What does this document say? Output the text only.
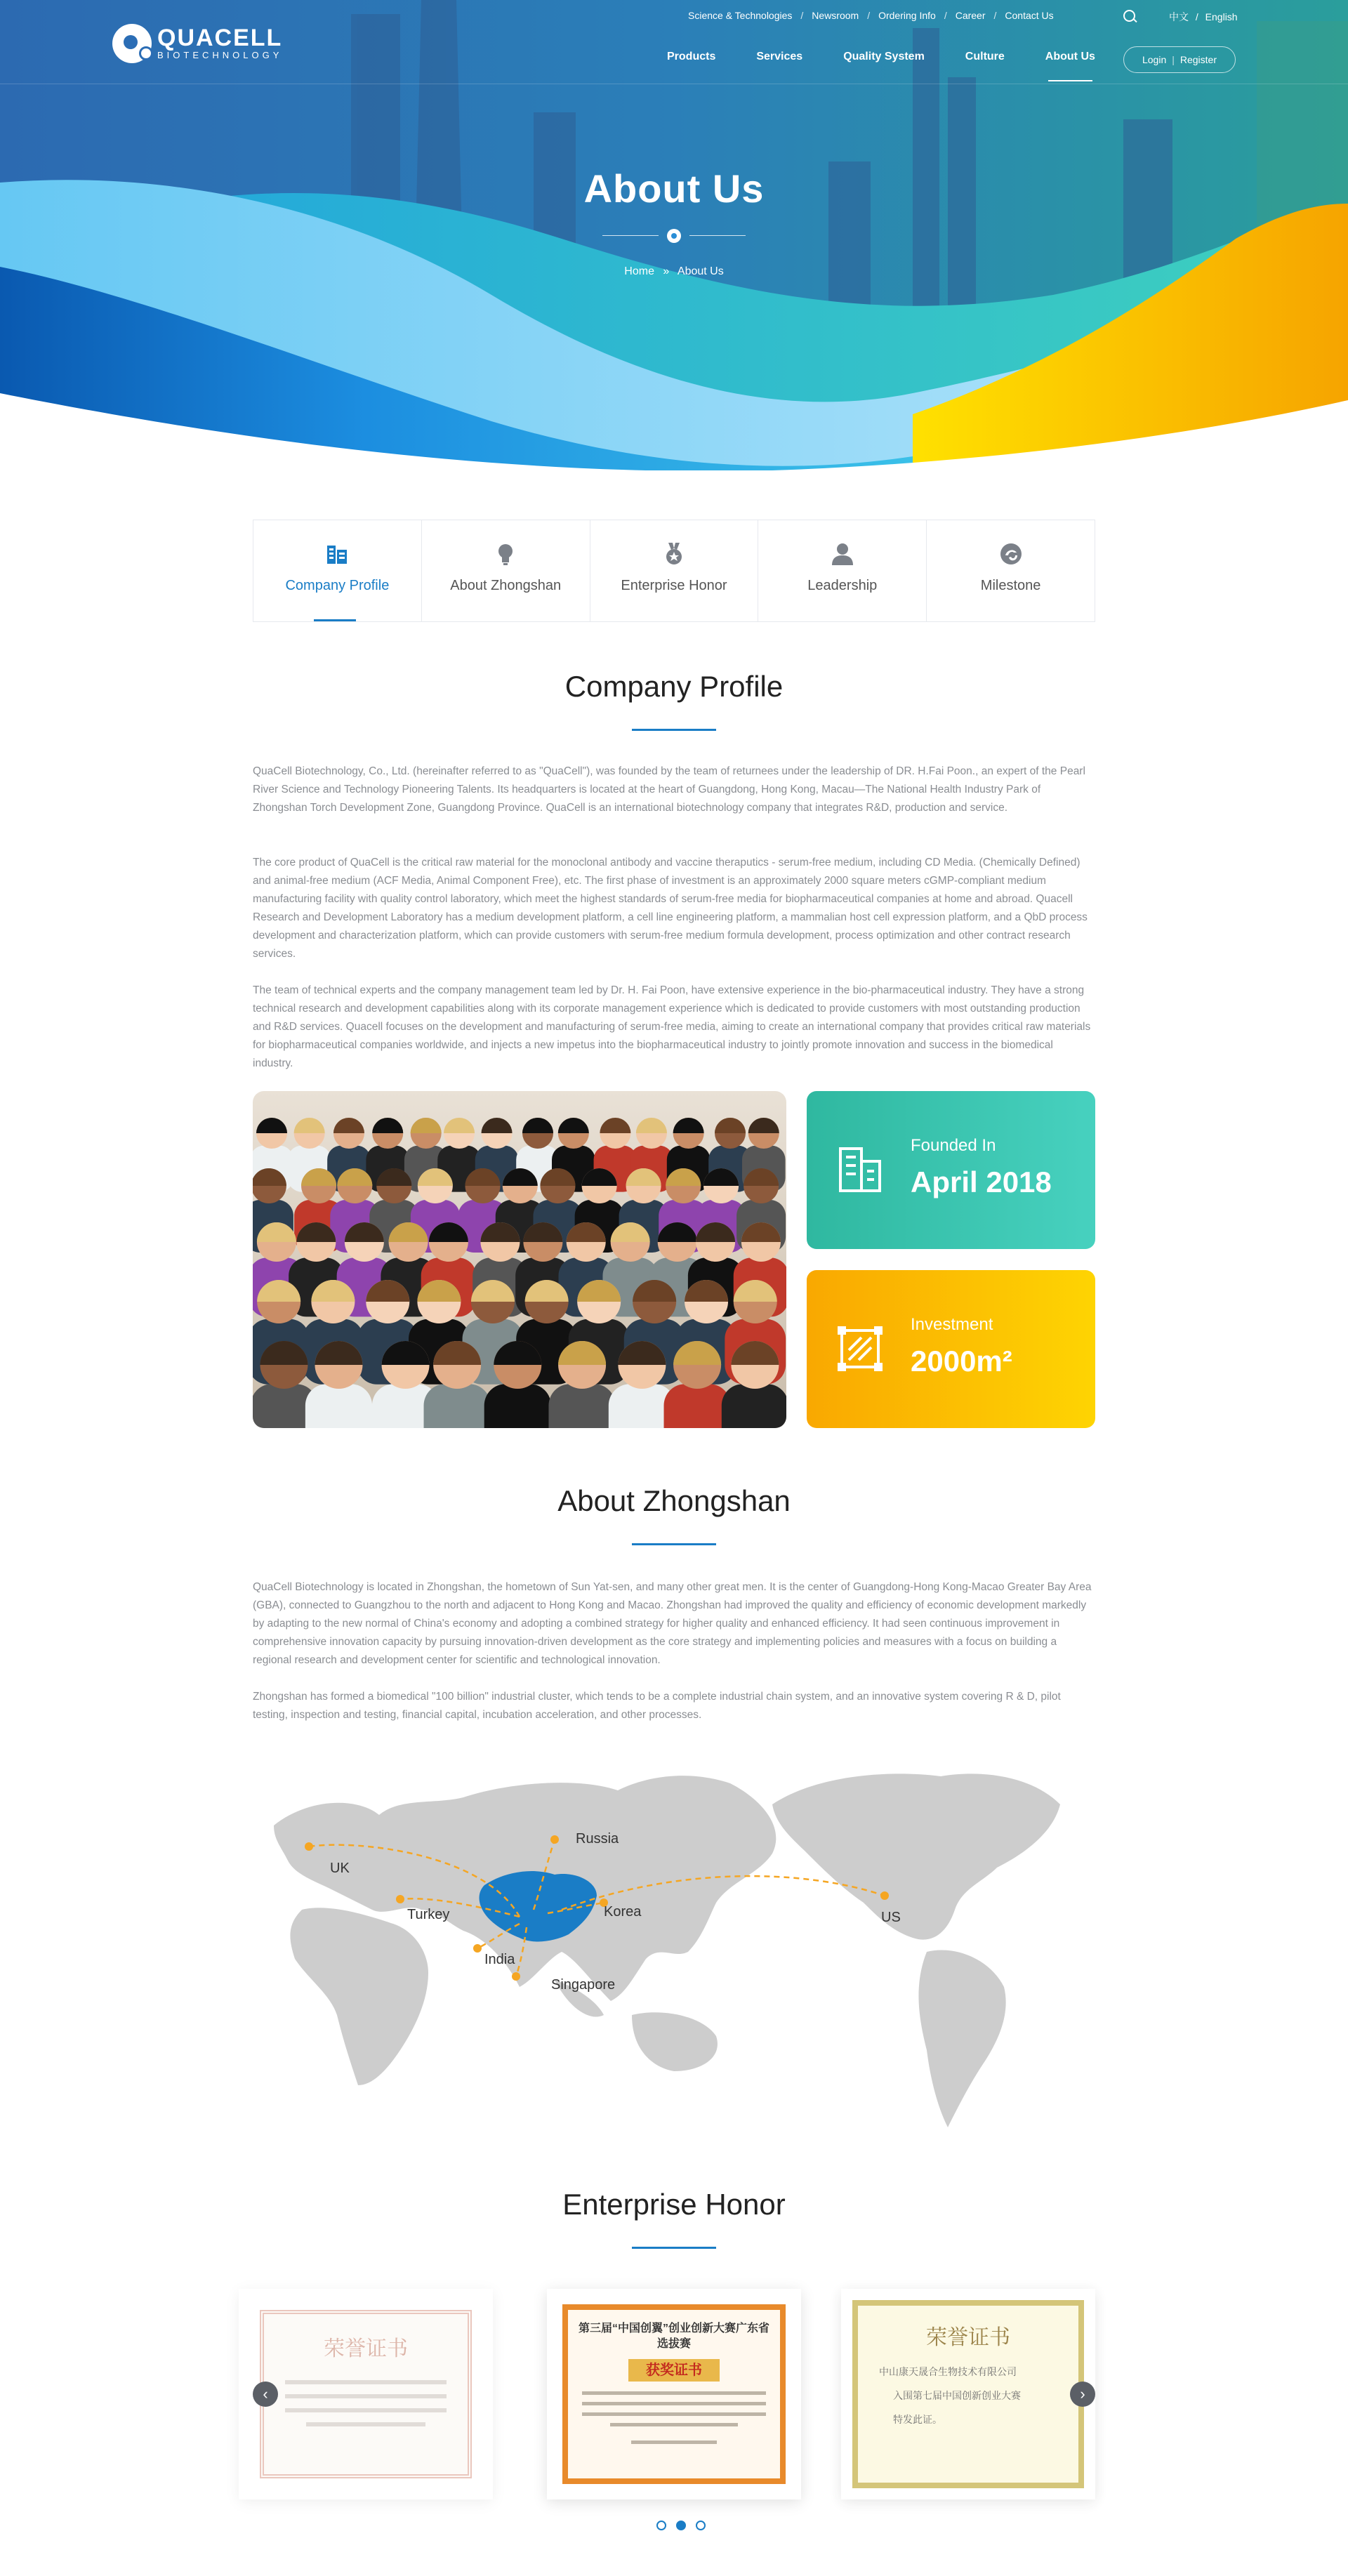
QUACELL
BIOTECHNOLOGY
Science & Technologies / Newsroom / Ordering Info / Career / Contact Us	中文 / English
Products	Services	Quality System	Culture	About Us	Login | Register
About Us
Home » About Us
Company Profile	About Zhongshan	Enterprise Honor	Leadership	Milestone
Company Profile

QuaCell Biotechnology, Co., Ltd. (hereinafter referred to as "QuaCell"), was founded by the team of returnees under the leadership of DR. H.Fai Poon., an expert of the Pearl River Science and Technology Pioneering Talents. Its headquarters is located at the heart of Guangdong, Hong Kong, Macau—The National Health Industry Park of Zhongshan Torch Development Zone, Guangdong Province. QuaCell is an international biotechnology company that integrates R&D, production and service.

The core product of QuaCell is the critical raw material for the monoclonal antibody and vaccine theraputics - serum-free medium, including CD Media. (Chemically Defined) and animal-free medium (ACF Media, Animal Component Free), etc. The first phase of investment is an approximately 2000 square meters cGMP-compliant medium manufacturing facility with quality control laboratory, which meet the highest standards of serum-free media for biopharmaceutical companies at home and abroad. Quacell Research and Development Laboratory has a medium development platform, a cell line engineering platform, a mammalian host cell expression platform, and a QbD process development and characterization platform, which can provide customers with serum-free medium formula development, process optimization and other contract research services.

The team of technical experts and the company management team led by Dr. H. Fai Poon, have extensive experience in the bio-pharmaceutical industry. They have a strong technical research and development capabilities along with its corporate management experience which is dedicated to provide customers with most outstanding production and R&D services. Quacell focuses on the development and manufacturing of serum-free media, aiming to create an international company that provides critical raw materials for biopharmaceutical companies worldwide, and injects a new impetus into the biopharmaceutical industry to jointly promote innovation and success in the biomedical industry.

Founded In
April 2018
Investment
2000m²
About Zhongshan

QuaCell Biotechnology is located in Zhongshan, the hometown of Sun Yat-sen, and many other great men. It is the center of Guangdong-Hong Kong-Macao Greater Bay Area (GBA), connected to Guangzhou to the north and adjacent to Hong Kong and Macao. Zhongshan had improved the quality and efficiency of economic development markedly by adapting to the new normal of China's economy and adopting a combined strategy for higher quality and enhanced efficiency. It had seen continuous improvement in comprehensive innovation capacity by pursuing innovation-driven development as the core strategy and implementing policies and measures with a focus on building a regional research and development center for scientific and technological innovation.

Zhongshan has formed a biomedical "100 billion" industrial cluster, which tends to be a complete industrial chain system, and an innovative system covering R & D, pilot testing, inspection and testing, financial capital, incubation acceleration, and other processes.

Russia
UK
Turkey	Korea	US
India
Singapore
Enterprise Honor
荣誉证书
第三届“中国创翼”创业创新大赛广东省选拔赛
获奖证书
荣誉证书
中山康天晟合生物技术有限公司
入围第七届中国创新创业大赛
特发此证。
‹	›
